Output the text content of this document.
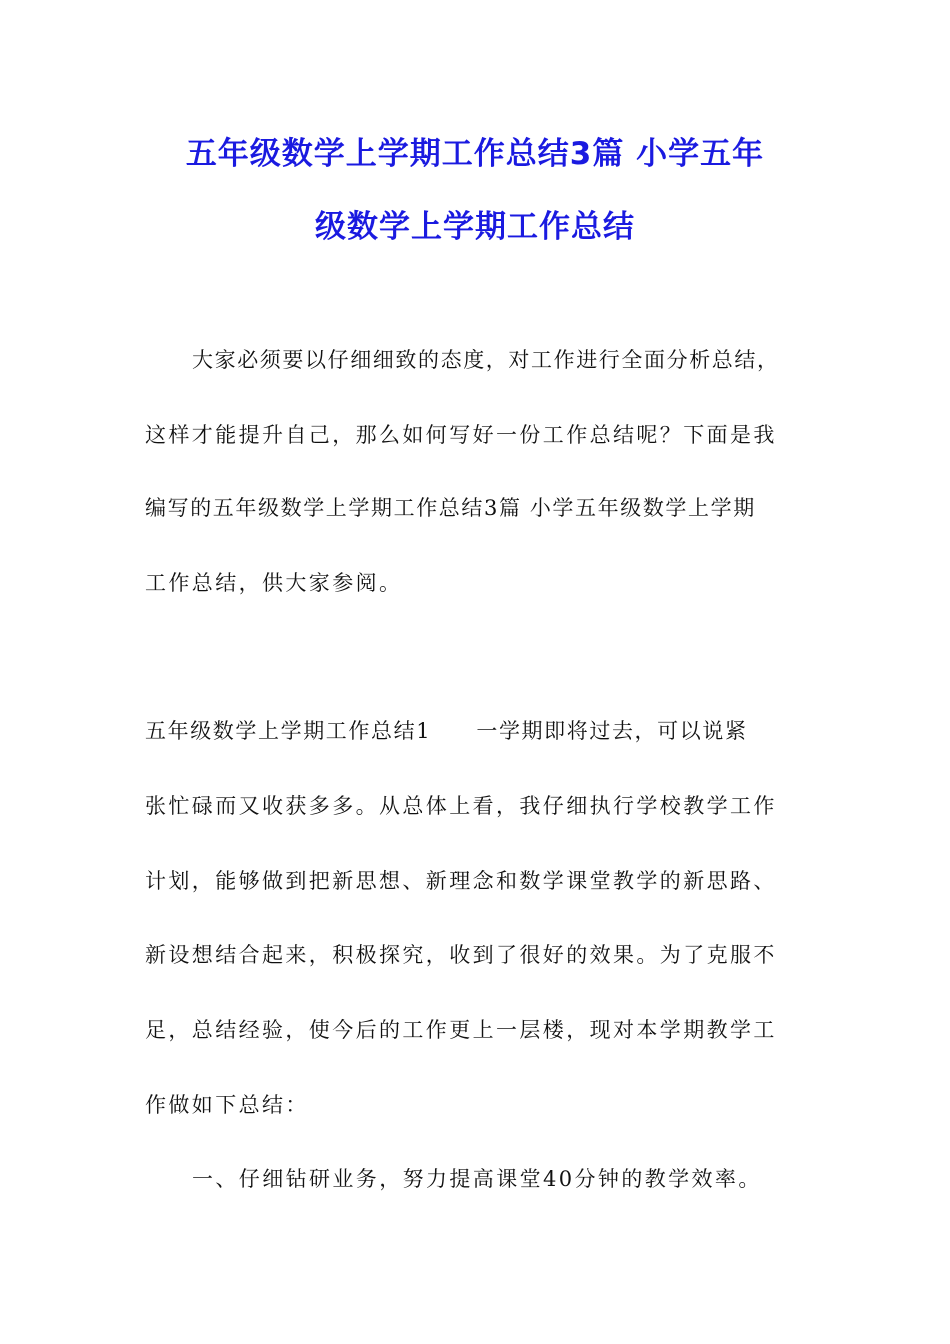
五年级数学上学期工作总结3篇 小学五年
级数学上学期工作总结
大家必须要以仔细细致的态度，对工作进行全面分析总结，
这样才能提升自己，那么如何写好一份工作总结呢？下面是我
编写的五年级数学上学期工作总结3篇 小学五年级数学上学期
工作总结，供大家参阅。
五年级数学上学期工作总结1　　一学期即将过去，可以说紧
张忙碌而又收获多多。从总体上看，我仔细执行学校教学工作
计划，能够做到把新思想、新理念和数学课堂教学的新思路、
新设想结合起来，积极探究，收到了很好的效果。为了克服不
足，总结经验，使今后的工作更上一层楼，现对本学期教学工
作做如下总结：
一、仔细钻研业务，努力提高课堂40分钟的教学效率。
